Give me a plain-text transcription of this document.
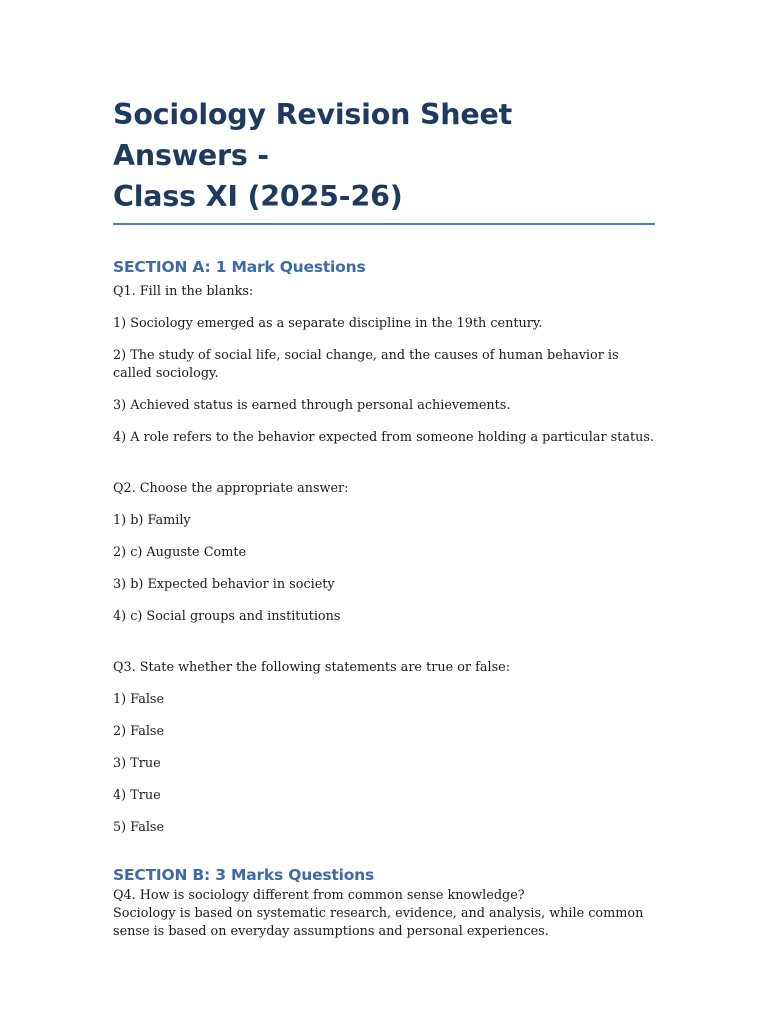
Sociology Revision Sheet Answers -
Class XI (2025-26)
SECTION A: 1 Mark Questions

Q1. Fill in the blanks:

1) Sociology emerged as a separate discipline in the 19th century.

2) The study of social life, social change, and the causes of human behavior is called sociology.

3) Achieved status is earned through personal achievements.

4) A role refers to the behavior expected from someone holding a particular status.

Q2. Choose the appropriate answer:

1) b) Family

2) c) Auguste Comte

3) b) Expected behavior in society

4) c) Social groups and institutions

Q3. State whether the following statements are true or false:

1) False

2) False

3) True

4) True

5) False

SECTION B: 3 Marks Questions

Q4. How is sociology different from common sense knowledge?

Sociology is based on systematic research, evidence, and analysis, while common sense is based on everyday assumptions and personal experiences.
